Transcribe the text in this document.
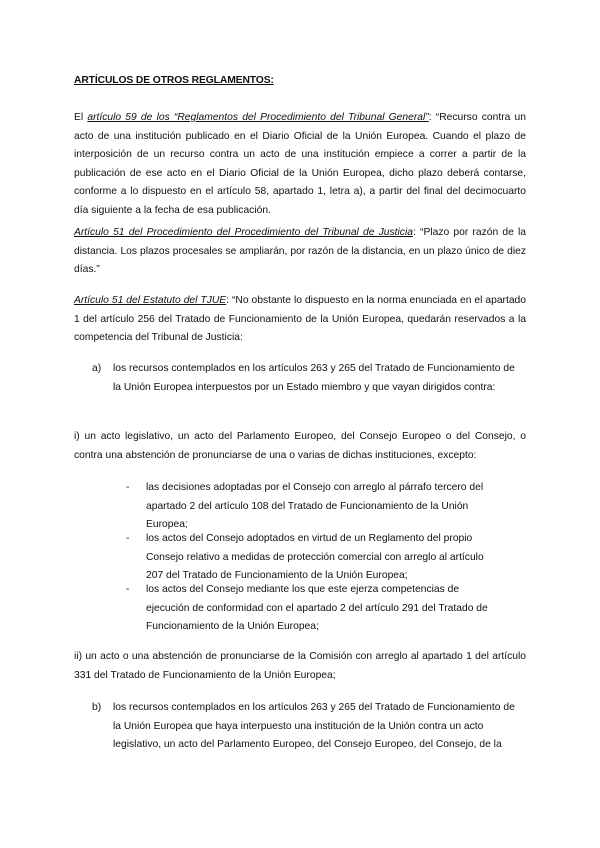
ARTÍCULOS DE OTROS REGLAMENTOS:
El artículo 59 de los “Reglamentos del Procedimiento del Tribunal General”: “Recurso contra un acto de una institución publicado en el Diario Oficial de la Unión Europea. Cuando el plazo de interposición de un recurso contra un acto de una institución empiece a correr a partir de la publicación de ese acto en el Diario Oficial de la Unión Europea, dicho plazo deberá contarse, conforme a lo dispuesto en el artículo 58, apartado 1, letra a), a partir del final del decimocuarto día siguiente a la fecha de esa publicación.
Artículo 51 del Procedimiento del Procedimiento del Tribunal de Justicia: “Plazo por razón de la distancia. Los plazos procesales se ampliarán, por razón de la distancia, en un plazo único de diez días.”
Artículo 51 del Estatuto del TJUE: “No obstante lo dispuesto en la norma enunciada en el apartado 1 del artículo 256 del Tratado de Funcionamiento de la Unión Europea, quedarán reservados a la competencia del Tribunal de Justicia:
a) los recursos contemplados en los artículos 263 y 265 del Tratado de Funcionamiento de la Unión Europea interpuestos por un Estado miembro y que vayan dirigidos contra:
i) un acto legislativo, un acto del Parlamento Europeo, del Consejo Europeo o del Consejo, o contra una abstención de pronunciarse de una o varias de dichas instituciones, excepto:
- las decisiones adoptadas por el Consejo con arreglo al párrafo tercero del apartado 2 del artículo 108 del Tratado de Funcionamiento de la Unión Europea;
- los actos del Consejo adoptados en virtud de un Reglamento del propio Consejo relativo a medidas de protección comercial con arreglo al artículo 207 del Tratado de Funcionamiento de la Unión Europea;
- los actos del Consejo mediante los que este ejerza competencias de ejecución de conformidad con el apartado 2 del artículo 291 del Tratado de Funcionamiento de la Unión Europea;
ii) un acto o una abstención de pronunciarse de la Comisión con arreglo al apartado 1 del artículo 331 del Tratado de Funcionamiento de la Unión Europea;
b) los recursos contemplados en los artículos 263 y 265 del Tratado de Funcionamiento de la Unión Europea que haya interpuesto una institución de la Unión contra un acto legislativo, un acto del Parlamento Europeo, del Consejo Europeo, del Consejo, de la
